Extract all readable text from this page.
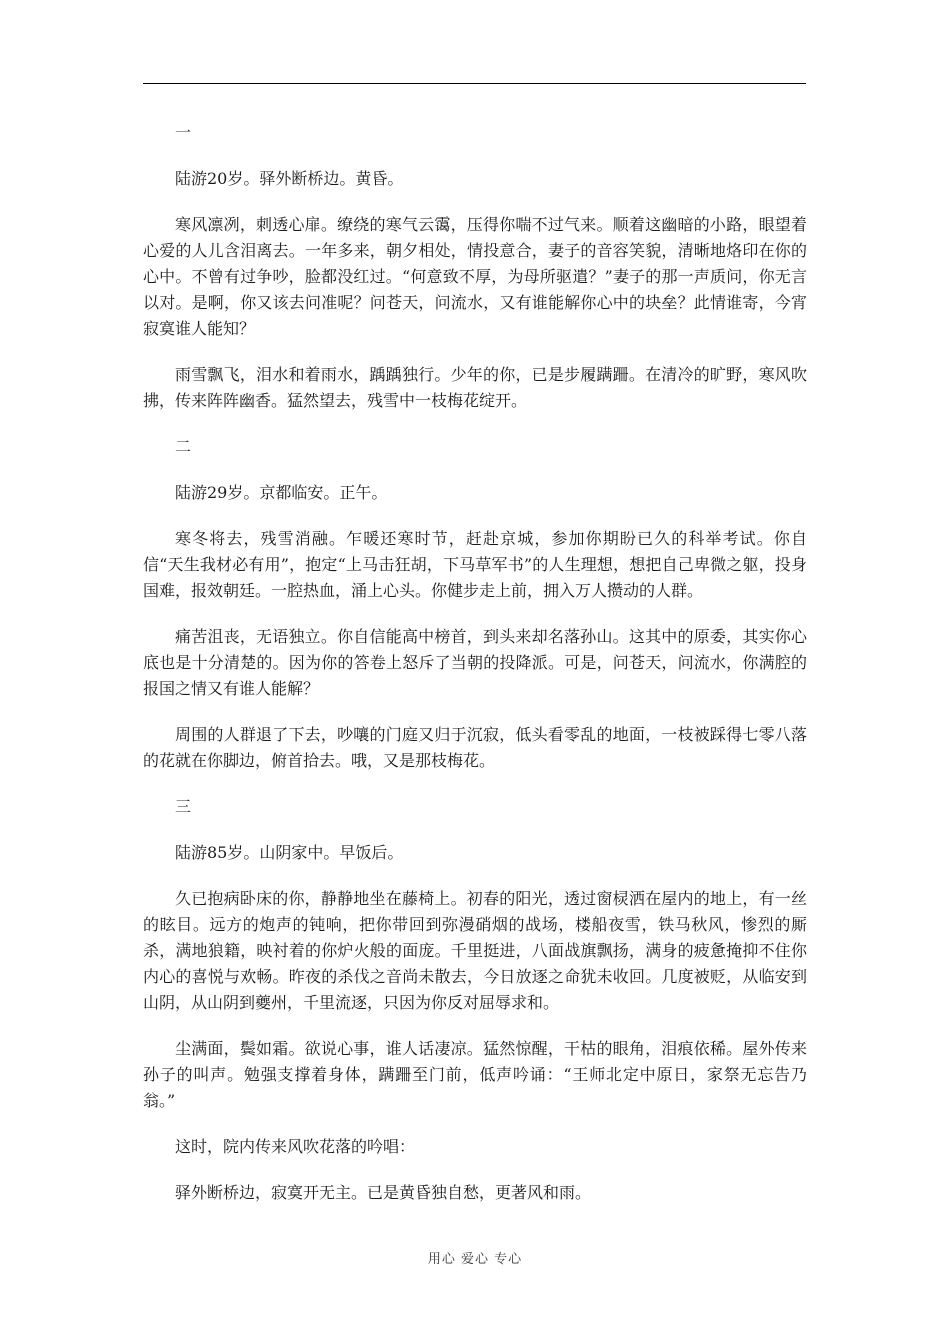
一

陆游20岁。驿外断桥边。黄昏。

寒风凛冽，刺透心扉。缭绕的寒气云霭，压得你喘不过气来。顺着这幽暗的小路，眼望着心爱的人儿含泪离去。一年多来，朝夕相处，情投意合，妻子的音容笑貌，清晰地烙印在你的心中。不曾有过争吵，脸都没红过。“何意致不厚，为母所驱遣？”妻子的那一声质问，你无言以对。是啊，你又该去问准呢？问苍天，问流水，又有谁能解你心中的块垒？此情谁寄，今宵寂寞谁人能知？

雨雪飘飞，泪水和着雨水，踽踽独行。少年的你，已是步履蹒跚。在清冷的旷野，寒风吹拂，传来阵阵幽香。猛然望去，残雪中一枝梅花绽开。

二

陆游29岁。京都临安。正午。

寒冬将去，残雪消融。乍暖还寒时节，赶赴京城，参加你期盼已久的科举考试。你自信“天生我材必有用”，抱定“上马击狂胡，下马草军书”的人生理想，想把自己卑微之躯，投身国难，报效朝廷。一腔热血，涌上心头。你健步走上前，拥入万人攒动的人群。

痛苦沮丧，无语独立。你自信能高中榜首，到头来却名落孙山。这其中的原委，其实你心底也是十分清楚的。因为你的答卷上怒斥了当朝的投降派。可是，问苍天，问流水，你满腔的报国之情又有谁人能解？

周围的人群退了下去，吵嚷的门庭又归于沉寂，低头看零乱的地面，一枝被踩得七零八落的花就在你脚边，俯首拾去。哦，又是那枝梅花。

三

陆游85岁。山阴家中。早饭后。

久已抱病卧床的你，静静地坐在藤椅上。初春的阳光，透过窗棂洒在屋内的地上，有一丝的眩目。远方的炮声的钝响，把你带回到弥漫硝烟的战场，楼船夜雪，铁马秋风，惨烈的厮杀，满地狼籍，映衬着的你炉火般的面庞。千里挺进，八面战旗飘扬，满身的疲惫掩抑不住你内心的喜悦与欢畅。昨夜的杀伐之音尚未散去，今日放逐之命犹未收回。几度被贬，从临安到山阴，从山阴到夔州，千里流逐，只因为你反对屈辱求和。

尘满面，鬓如霜。欲说心事，谁人话凄凉。猛然惊醒，干枯的眼角，泪痕依稀。屋外传来孙子的叫声。勉强支撑着身体，蹒跚至门前，低声吟诵：“王师北定中原日，家祭无忘告乃翁。”

这时，院内传来风吹花落的吟唱：

驿外断桥边，寂寞开无主。已是黄昏独自愁，更著风和雨。

用心 爱心 专心
